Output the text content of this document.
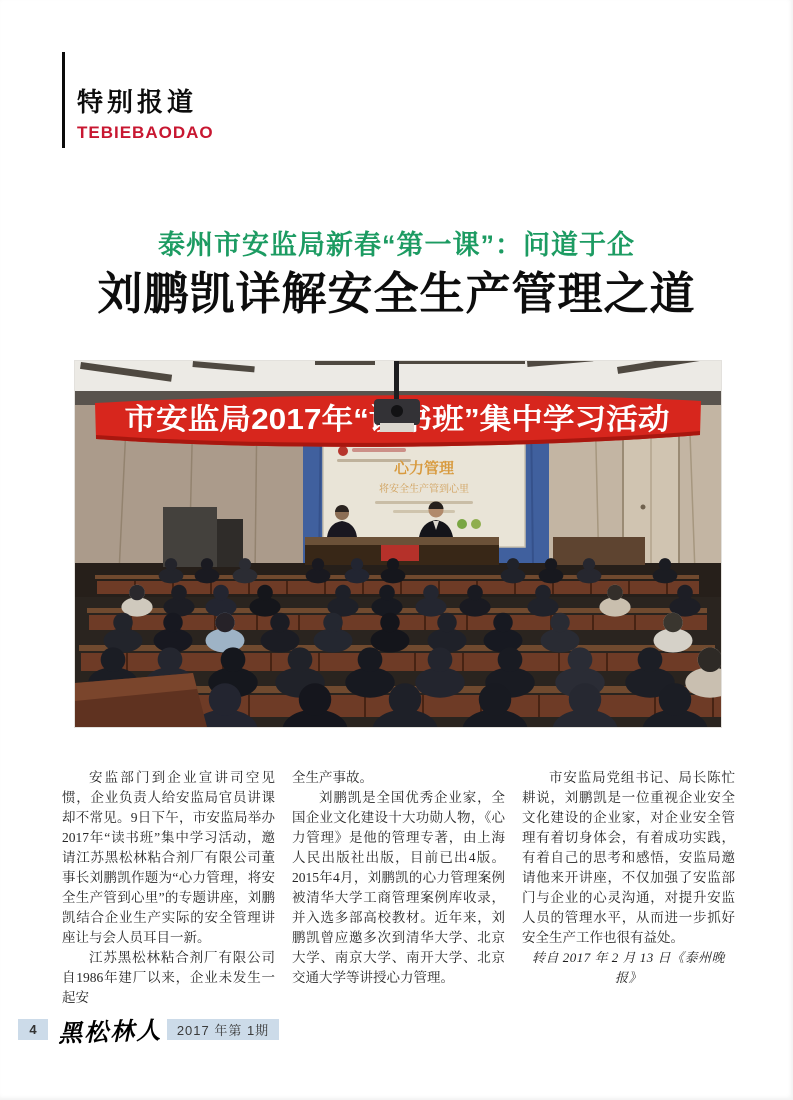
特别报道
TEBIEBAODAO
泰州市安监局新春“第一课”：问道于企
刘鹏凯详解安全生产管理之道
心力管理
将安全生产管到心里

安监部门到企业宣讲司空见惯，企业负责人给安监局官员讲课却不常见。9日下午，市安监局举办2017年“读书班”集中学习活动，邀请江苏黑松林粘合剂厂有限公司董事长刘鹏凯作题为“心力管理，将安全生产管到心里”的专题讲座，刘鹏凯结合企业生产实际的安全管理讲座让与会人员耳目一新。

江苏黑松林粘合剂厂有限公司自1986年建厂以来，企业未发生一起安

全生产事故。

刘鹏凯是全国优秀企业家，全国企业文化建设十大功勋人物，《心力管理》是他的管理专著，由上海人民出版社出版，目前已出4版。2015年4月，刘鹏凯的心力管理案例被清华大学工商管理案例库收录，并入选多部高校教材。近年来，刘鹏凯曾应邀多次到清华大学、北京大学、南京大学、南开大学、北京交通大学等讲授心力管理。

市安监局党组书记、局长陈忙耕说，刘鹏凯是一位重视企业安全文化建设的企业家，对企业安全管理有着切身体会，有着成功实践，有着自己的思考和感悟，安监局邀请他来开讲座，不仅加强了安监部门与企业的心灵沟通，对提升安监人员的管理水平，从而进一步抓好安全生产工作也很有益处。

转自 2017 年 2 月 13 日《泰州晚报》

4 黑松林人	2017 年第 1期
